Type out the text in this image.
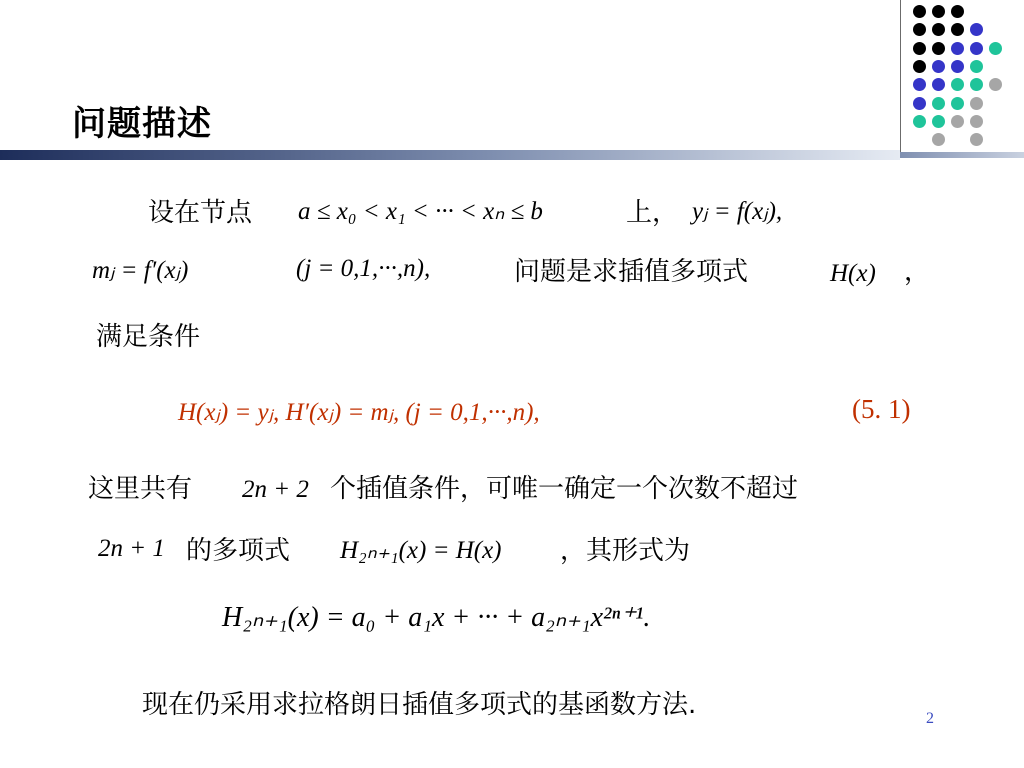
问题描述
设在节点 a ≤ x₀ < x₁ < ··· < xₙ ≤ b	上， yⱼ = f(xⱼ),
mⱼ = f′(xⱼ)	(j = 0,1,···,n),	问题是求插值多项式	H(x) ，
满足条件
H(xⱼ) = yⱼ, H′(xⱼ) = mⱼ, (j = 0,1,···,n),	(5. 1)
这里共有 2n + 2 个插值条件，可唯一确定一个次数不超过
2n + 1 的多项式 H₂ₙ₊₁(x) = H(x) ，其形式为
H₂ₙ₊₁(x) = a₀ + a₁x + ··· + a₂ₙ₊₁x²ⁿ⁺¹.
现在仍采用求拉格朗日插值多项式的基函数方法.	2
